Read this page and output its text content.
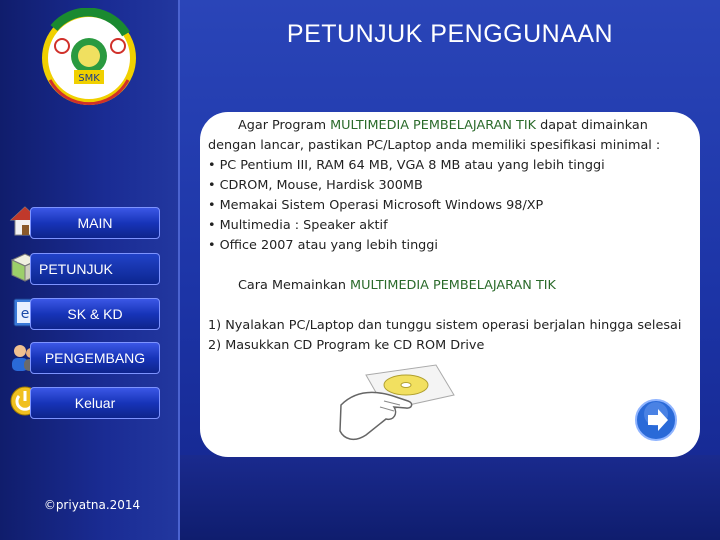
SMK
PETUNJUK PENGGUNAAN
MAIN
PETUNJUK
e	SK & KD
PENGEMBANG
Keluar
©priyatna.2014
Agar Program MULTIMEDIA PEMBELAJARAN TIK dapat dimainkan
dengan lancar, pastikan PC/Laptop anda memiliki spesifikasi minimal :
• PC Pentium III, RAM 64 MB, VGA 8 MB atau yang lebih tinggi
• CDROM, Mouse, Hardisk 300MB
• Memakai Sistem Operasi Microsoft Windows 98/XP
• Multimedia : Speaker aktif
• Office 2007 atau yang lebih tinggi
Cara Memainkan MULTIMEDIA PEMBELAJARAN TIK
1) Nyalakan PC/Laptop dan tunggu sistem operasi berjalan hingga selesai
2) Masukkan CD Program ke CD ROM Drive
